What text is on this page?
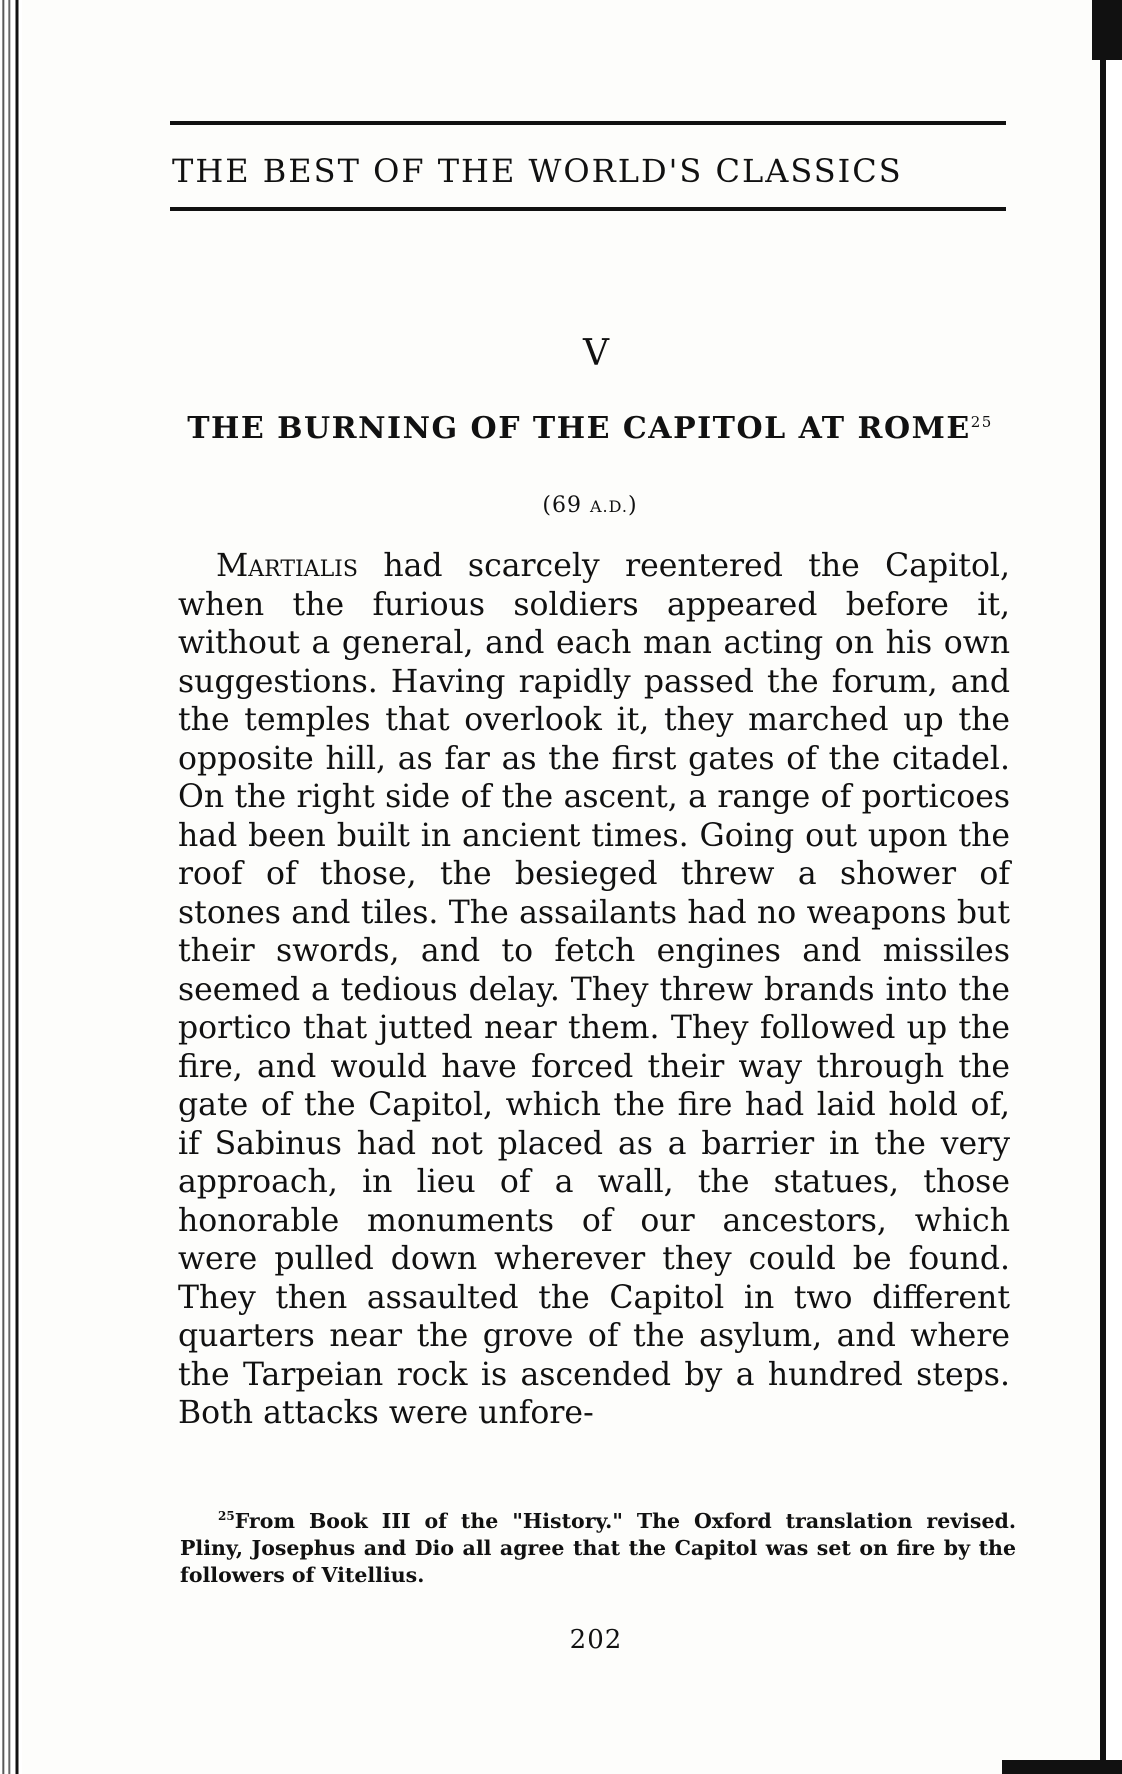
THE BEST OF THE WORLD'S CLASSICS
V
THE BURNING OF THE CAPITOL AT ROME$^{25}$
(69 A.D.)
Martialis had scarcely reentered the Capitol, when the furious soldiers appeared before it, without a general, and each man acting on his own suggestions. Having rapidly passed the forum, and the temples that overlook it, they marched up the opposite hill, as far as the first gates of the citadel. On the right side of the ascent, a range of porticoes had been built in ancient times. Going out upon the roof of those, the besieged threw a shower of stones and tiles. The assailants had no weapons but their swords, and to fetch engines and missiles seemed a tedious delay. They threw brands into the portico that jutted near them. They followed up the fire, and would have forced their way through the gate of the Capitol, which the fire had laid hold of, if Sabinus had not placed as a barrier in the very approach, in lieu of a wall, the statues, those honorable monuments of our ancestors, which were pulled down wherever they could be found. They then assaulted the Capitol in two different quarters near the grove of the asylum, and where the Tarpeian rock is ascended by a hundred steps. Both attacks were unfore-
$^{25}$From Book III of the "History." The Oxford translation revised. Pliny, Josephus and Dio all agree that the Capitol was set on fire by the followers of Vitellius.
202
